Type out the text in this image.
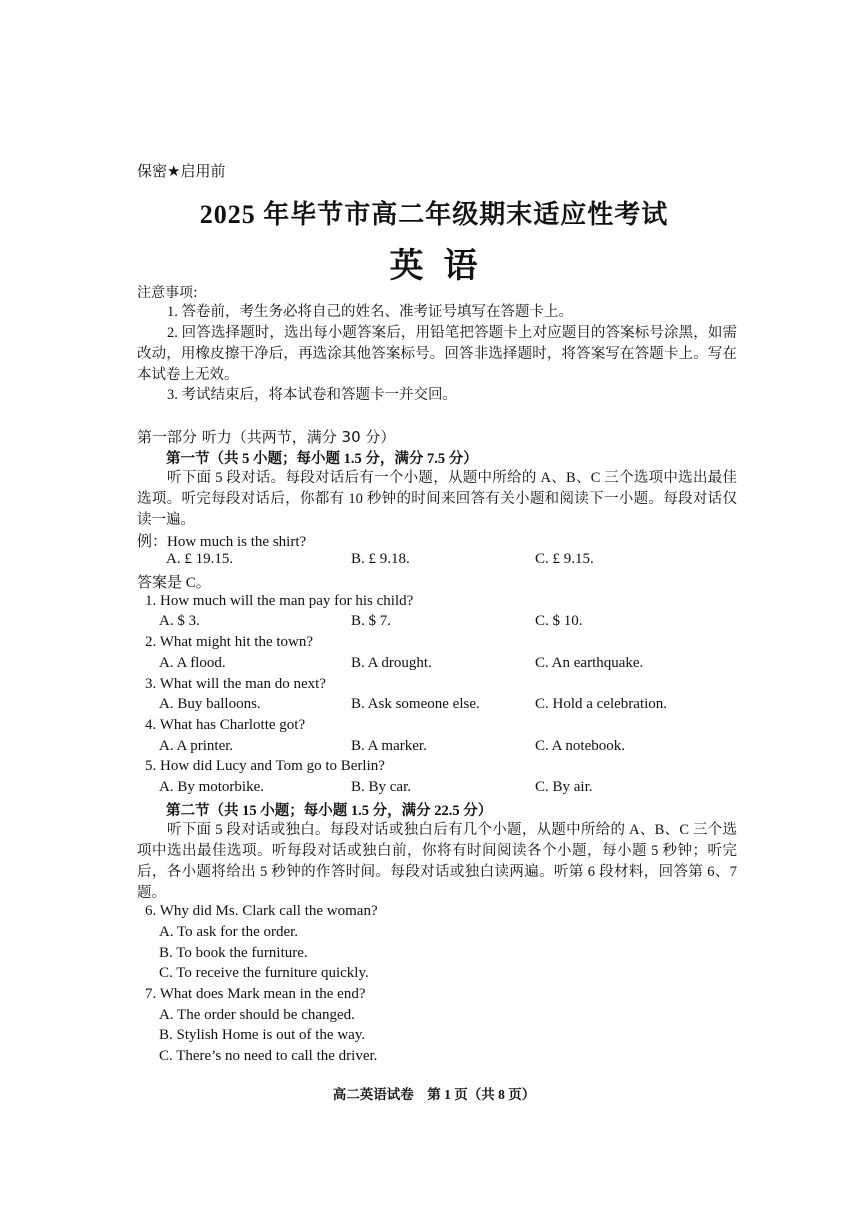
保密★启用前
2025 年毕节市高二年级期末适应性考试
英  语
注意事项:
1. 答卷前，考生务必将自己的姓名、准考证号填写在答题卡上。
2. 回答选择题时，选出每小题答案后，用铅笔把答题卡上对应题目的答案标号涂黑，如需改动，用橡皮擦干净后，再选涂其他答案标号。回答非选择题时，将答案写在答题卡上。写在本试卷上无效。
3. 考试结束后，将本试卷和答题卡一并交回。
第一部分 听力（共两节，满分 30 分）
第一节（共 5 小题；每小题 1.5 分，满分 7.5 分）
听下面 5 段对话。每段对话后有一个小题，从题中所给的 A、B、C 三个选项中选出最佳选项。听完每段对话后，你都有 10 秒钟的时间来回答有关小题和阅读下一小题。每段对话仅读一遍。
例：How much is the shirt?
A. £ 19.15.	B. £ 9.18.	C. £ 9.15.
答案是 C。
1. How much will the man pay for his child?
A. $ 3.	B. $ 7.	C. $ 10.
2. What might hit the town?
A. A flood.	B. A drought.	C. An earthquake.
3. What will the man do next?
A. Buy balloons.	B. Ask someone else.	C. Hold a celebration.
4. What has Charlotte got?
A. A printer.	B. A marker.	C. A notebook.
5. How did Lucy and Tom go to Berlin?
A. By motorbike.	B. By car.	C. By air.
第二节（共 15 小题；每小题 1.5 分，满分 22.5 分）
听下面 5 段对话或独白。每段对话或独白后有几个小题，从题中所给的 A、B、C 三个选项中选出最佳选项。听每段对话或独白前，你将有时间阅读各个小题，每小题 5 秒钟；听完后，各小题将给出 5 秒钟的作答时间。每段对话或独白读两遍。听第 6 段材料，回答第 6、7 题。
6. Why did Ms. Clark call the woman?
A. To ask for the order.
B. To book the furniture.
C. To receive the furniture quickly.
7. What does Mark mean in the end?
A. The order should be changed.
B. Stylish Home is out of the way.
C. There’s no need to call the driver.
高二英语试卷    第 1 页（共 8 页）
